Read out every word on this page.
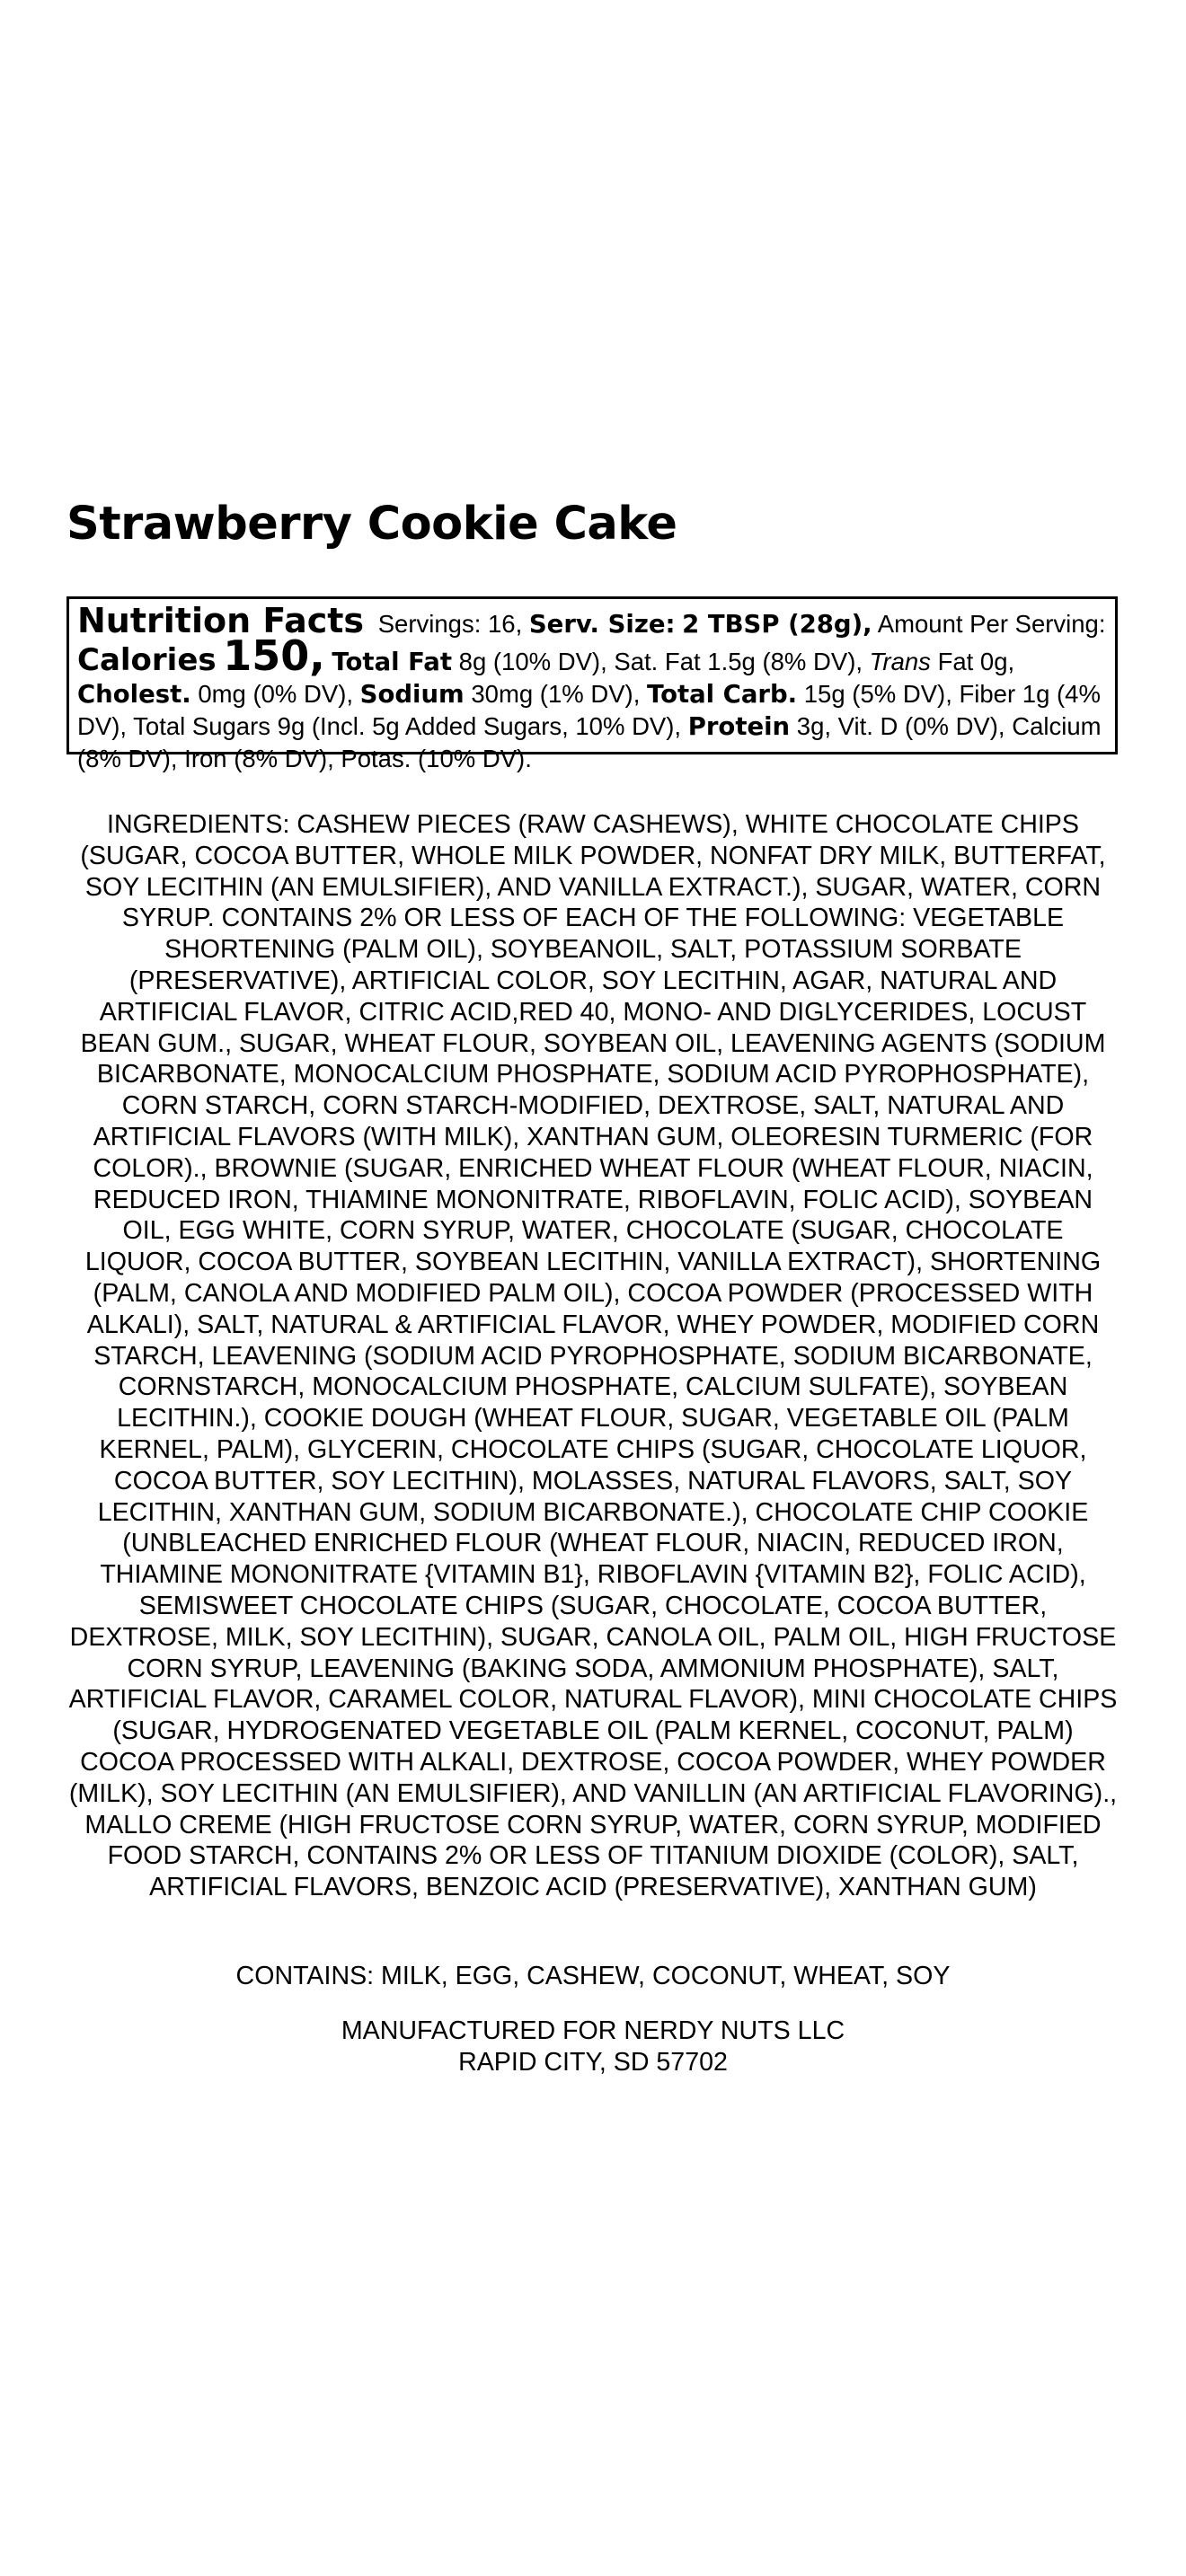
Strawberry Cookie Cake

Nutrition Facts Servings: 16, Serv. Size: 2 TBSP (28g), Amount Per Serving: Calories 150, Total Fat 8g (10% DV), Sat. Fat 1.5g (8% DV), Trans Fat 0g, Cholest. 0mg (0% DV), Sodium 30mg (1% DV), Total Carb. 15g (5% DV), Fiber 1g (4% DV), Total Sugars 9g (Incl. 5g Added Sugars, 10% DV), Protein 3g, Vit. D (0% DV), Calcium (8% DV), Iron (8% DV), Potas. (10% DV).

INGREDIENTS: CASHEW PIECES (RAW CASHEWS), WHITE CHOCOLATE CHIPS (SUGAR, COCOA BUTTER, WHOLE MILK POWDER, NONFAT DRY MILK, BUTTERFAT, SOY LECITHIN (AN EMULSIFIER), AND VANILLA EXTRACT.), SUGAR, WATER, CORN SYRUP. CONTAINS 2% OR LESS OF EACH OF THE FOLLOWING: VEGETABLE SHORTENING (PALM OIL), SOYBEANOIL, SALT, POTASSIUM SORBATE (PRESERVATIVE), ARTIFICIAL COLOR, SOY LECITHIN, AGAR, NATURAL AND ARTIFICIAL FLAVOR, CITRIC ACID,RED 40, MONO- AND DIGLYCERIDES, LOCUST BEAN GUM., SUGAR, WHEAT FLOUR, SOYBEAN OIL, LEAVENING AGENTS (SODIUM BICARBONATE, MONOCALCIUM PHOSPHATE, SODIUM ACID PYROPHOSPHATE), CORN STARCH, CORN STARCH-MODIFIED, DEXTROSE, SALT, NATURAL AND ARTIFICIAL FLAVORS (WITH MILK), XANTHAN GUM, OLEORESIN TURMERIC (FOR COLOR)., BROWNIE (SUGAR, ENRICHED WHEAT FLOUR (WHEAT FLOUR, NIACIN, REDUCED IRON, THIAMINE MONONITRATE, RIBOFLAVIN, FOLIC ACID), SOYBEAN OIL, EGG WHITE, CORN SYRUP, WATER, CHOCOLATE (SUGAR, CHOCOLATE LIQUOR, COCOA BUTTER, SOYBEAN LECITHIN, VANILLA EXTRACT), SHORTENING (PALM, CANOLA AND MODIFIED PALM OIL), COCOA POWDER (PROCESSED WITH ALKALI), SALT, NATURAL & ARTIFICIAL FLAVOR, WHEY POWDER, MODIFIED CORN STARCH, LEAVENING (SODIUM ACID PYROPHOSPHATE, SODIUM BICARBONATE, CORNSTARCH, MONOCALCIUM PHOSPHATE, CALCIUM SULFATE), SOYBEAN LECITHIN.), COOKIE DOUGH (WHEAT FLOUR, SUGAR, VEGETABLE OIL (PALM KERNEL, PALM), GLYCERIN, CHOCOLATE CHIPS (SUGAR, CHOCOLATE LIQUOR, COCOA BUTTER, SOY LECITHIN), MOLASSES, NATURAL FLAVORS, SALT, SOY LECITHIN, XANTHAN GUM, SODIUM BICARBONATE.), CHOCOLATE CHIP COOKIE (UNBLEACHED ENRICHED FLOUR (WHEAT FLOUR, NIACIN, REDUCED IRON, THIAMINE MONONITRATE {VITAMIN B1}, RIBOFLAVIN {VITAMIN B2}, FOLIC ACID), SEMISWEET CHOCOLATE CHIPS (SUGAR, CHOCOLATE, COCOA BUTTER, DEXTROSE, MILK, SOY LECITHIN), SUGAR, CANOLA OIL, PALM OIL, HIGH FRUCTOSE CORN SYRUP, LEAVENING (BAKING SODA, AMMONIUM PHOSPHATE), SALT, ARTIFICIAL FLAVOR, CARAMEL COLOR, NATURAL FLAVOR), MINI CHOCOLATE CHIPS (SUGAR, HYDROGENATED VEGETABLE OIL (PALM KERNEL, COCONUT, PALM) COCOA PROCESSED WITH ALKALI, DEXTROSE, COCOA POWDER, WHEY POWDER (MILK), SOY LECITHIN (AN EMULSIFIER), AND VANILLIN (AN ARTIFICIAL FLAVORING)., MALLO CREME (HIGH FRUCTOSE CORN SYRUP, WATER, CORN SYRUP, MODIFIED FOOD STARCH, CONTAINS 2% OR LESS OF TITANIUM DIOXIDE (COLOR), SALT, ARTIFICIAL FLAVORS, BENZOIC ACID (PRESERVATIVE), XANTHAN GUM)

CONTAINS: MILK, EGG, CASHEW, COCONUT, WHEAT, SOY

MANUFACTURED FOR NERDY NUTS LLC
RAPID CITY, SD 57702
